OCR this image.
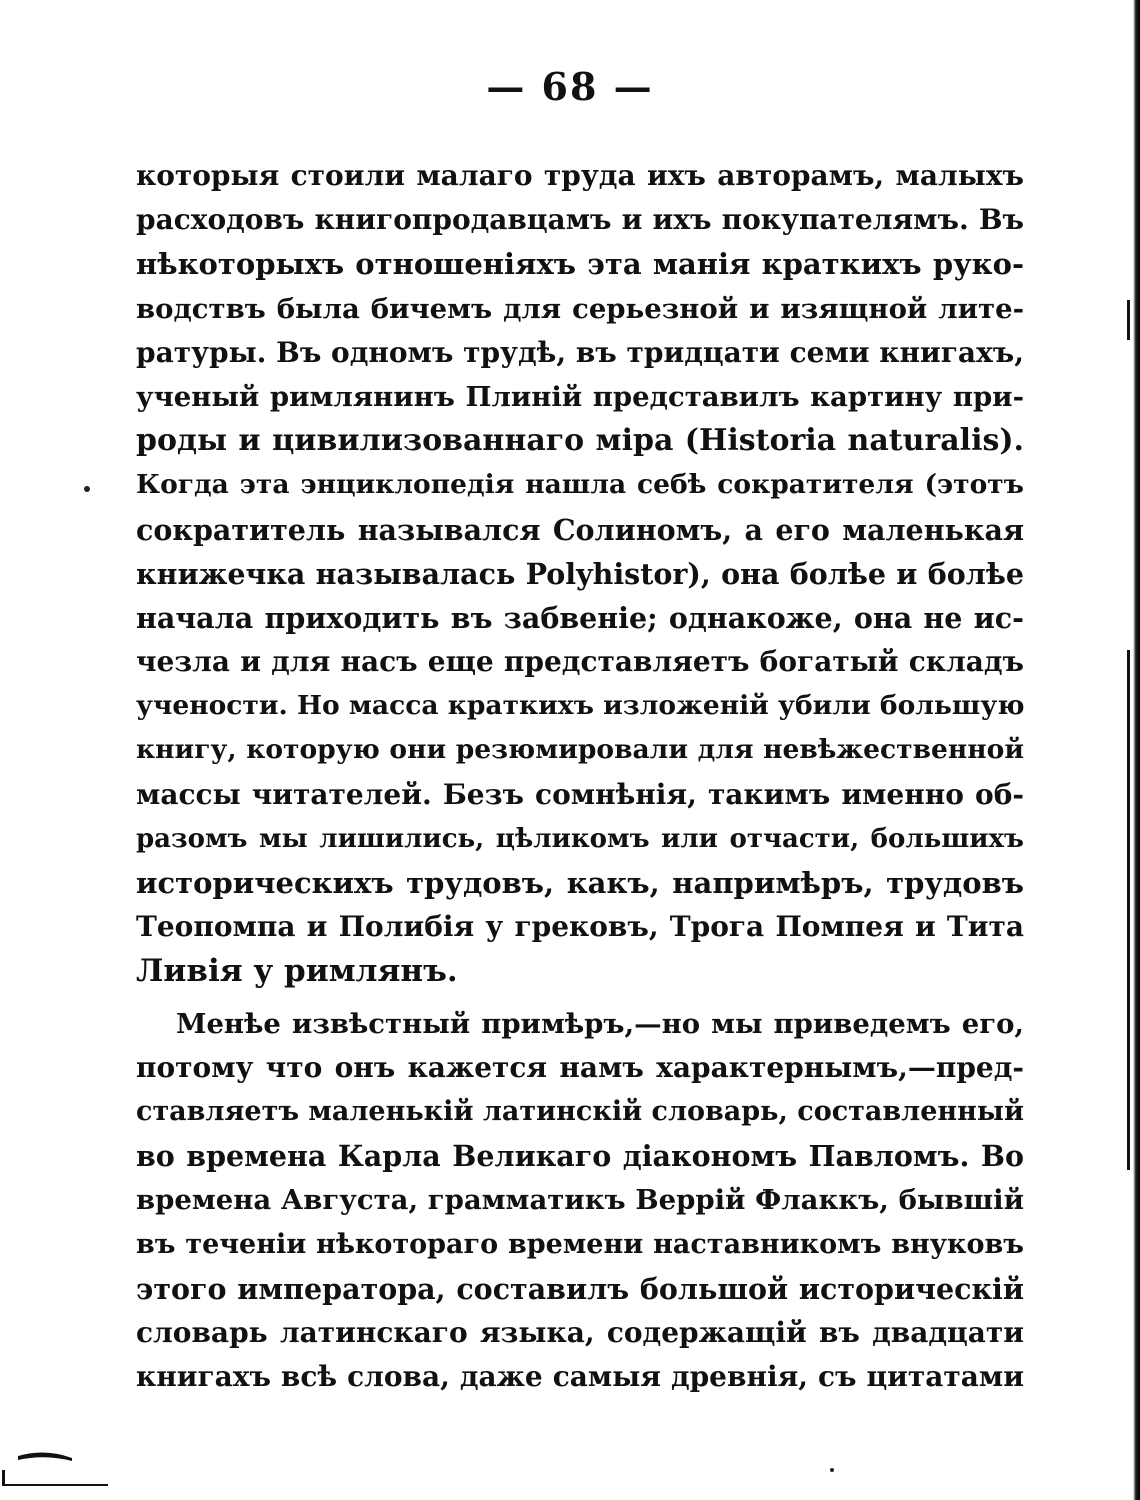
— 68 —
которыя стоили малаго труда ихъ авторамъ, малыхъ
расходовъ книгопродавцамъ и ихъ покупателямъ. Въ
нѣкоторыхъ отношеніяхъ эта манія краткихъ руко-
водствъ была бичемъ для серьезной и изящной лите-
ратуры. Въ одномъ трудѣ, въ тридцати семи книгахъ,
ученый римлянинъ Плиній представилъ картину при-
роды и цивилизованнаго міра (Historia naturalis).
Когда эта энциклопедія нашла себѣ сократителя (этотъ
сократитель назывался Солиномъ, а его маленькая
книжечка называлась Polyhistor), она болѣе и болѣе
начала приходить въ забвеніе; однакоже, она не ис-
чезла и для насъ еще представляетъ богатый складъ
учености. Но масса краткихъ изложеній убили большую
книгу, которую они резюмировали для невѣжественной
массы читателей. Безъ сомнѣнія, такимъ именно об-
разомъ мы лишились, цѣликомъ или отчасти, большихъ
историческихъ трудовъ, какъ, напримѣръ, трудовъ
Теопомпа и Полибія у грековъ, Трога Помпея и Тита
Ливія у римлянъ.
Менѣе извѣстный примѣръ,—но мы приведемъ его,
потому что онъ кажется намъ характернымъ,—пред-
ставляетъ маленькій латинскій словарь, составленный
во времена Карла Великаго діакономъ Павломъ. Во
времена Августа, грамматикъ Веррій Флаккъ, бывшій
въ теченіи нѣкотораго времени наставникомъ внуковъ
этого императора, составилъ большой историческій
словарь латинскаго языка, содержащій въ двадцати
книгахъ всѣ слова, даже самыя древнія, съ цитатами
